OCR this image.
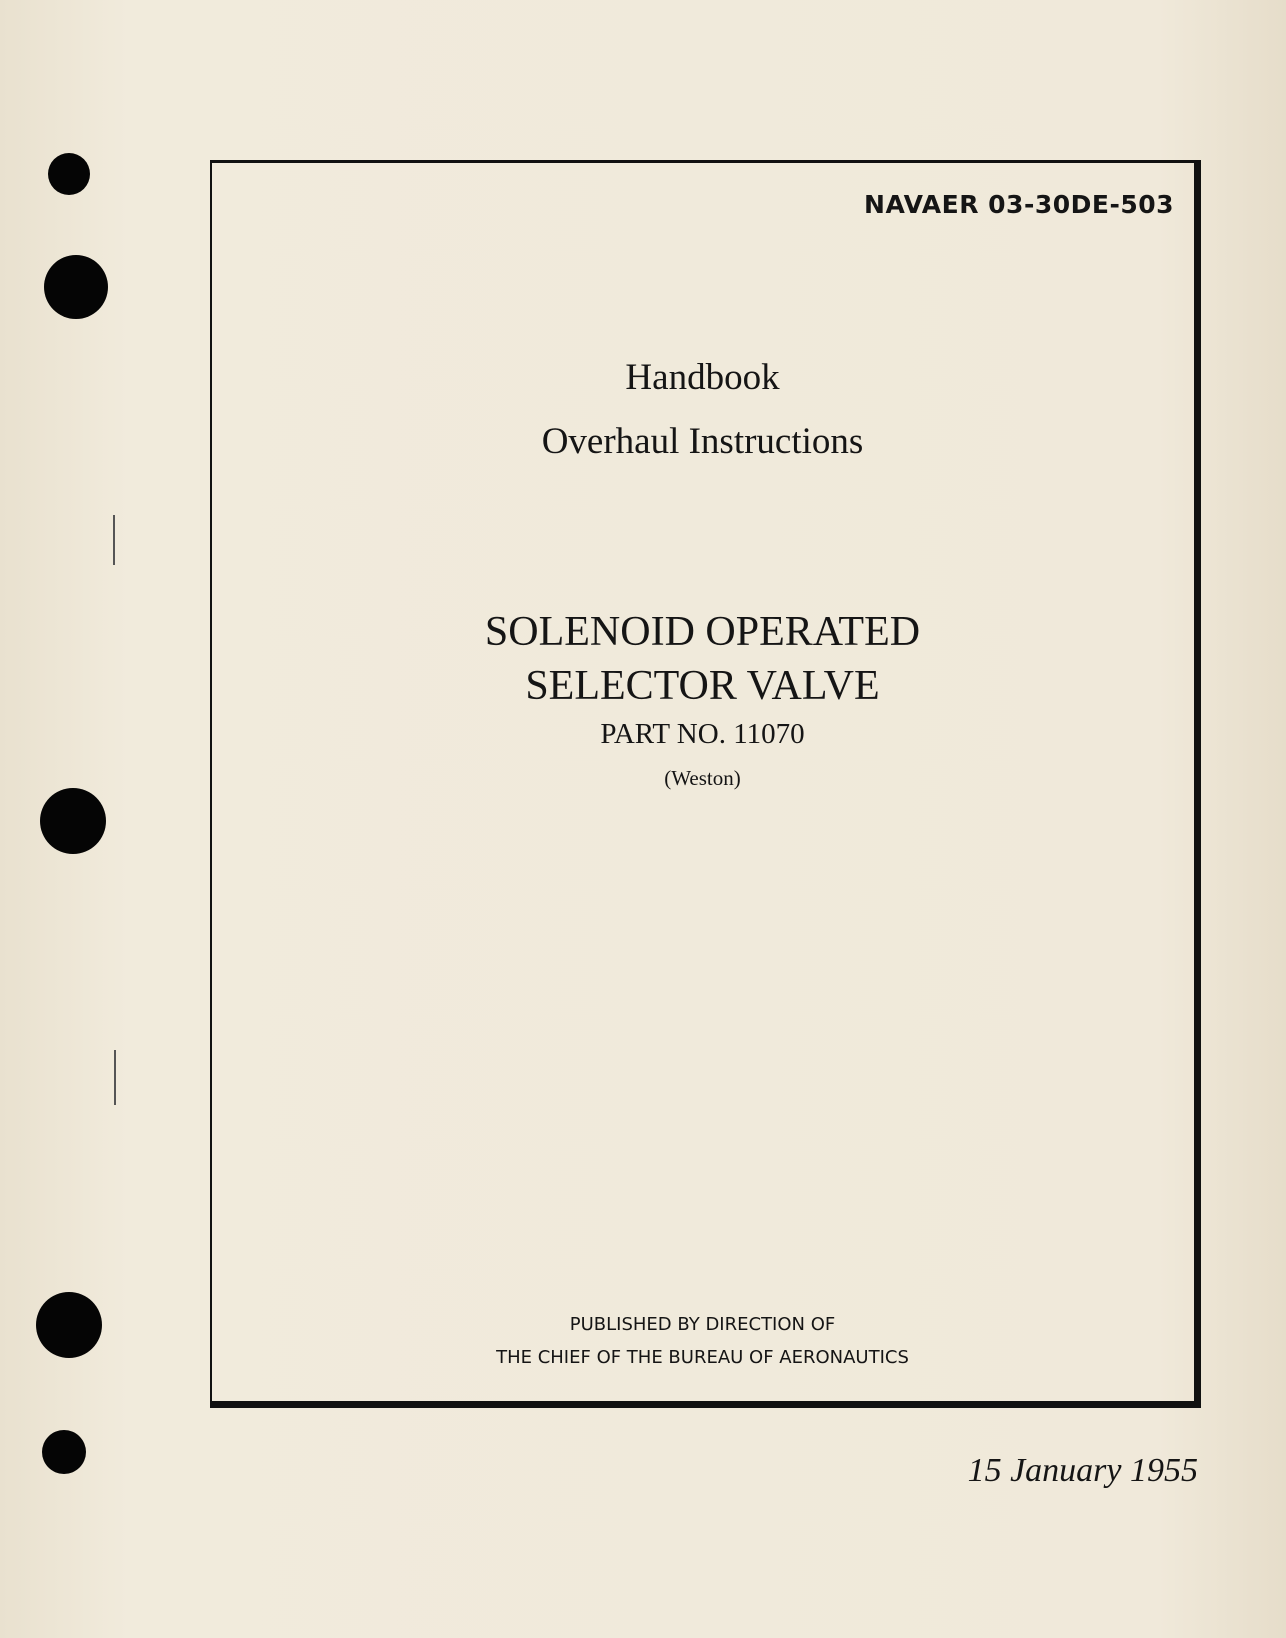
NAVAER 03-30DE-503
Handbook
Overhaul Instructions
SOLENOID OPERATED
SELECTOR VALVE
PART NO. 11070
(Weston)
PUBLISHED BY DIRECTION OF
THE CHIEF OF THE BUREAU OF AERONAUTICS
15 January 1955
